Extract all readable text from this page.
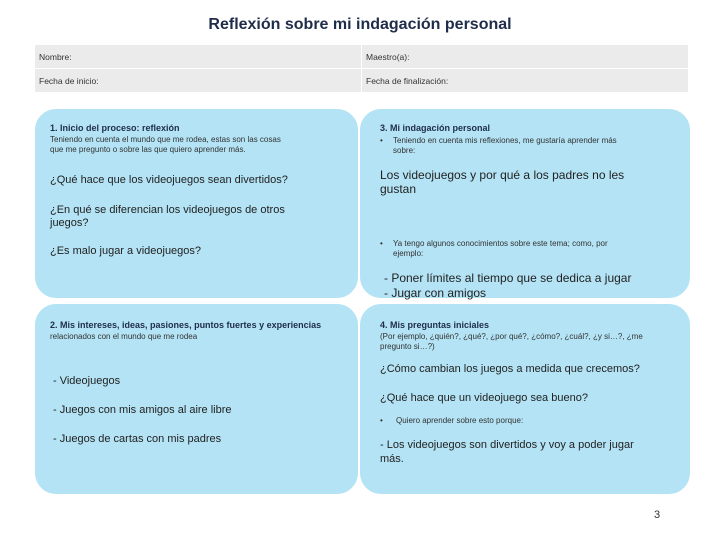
Reflexión sobre mi indagación personal
Nombre:	Maestro(a):
Fecha de inicio:	Fecha de finalización:
1. Inicio del proceso: reflexión
Teniendo en cuenta el mundo que me rodea, estas son las cosas
que me pregunto o sobre las que quiero aprender más.
¿Qué hace que los videojuegos sean divertidos?
¿En qué se diferencian los videojuegos de otros
juegos?
¿Es malo jugar a videojuegos?
3. Mi indagación personal
• Teniendo en cuenta mis reflexiones, me gustaría aprender más
sobre:
Los videojuegos y por qué a los padres no les
gustan
• Ya tengo algunos conocimientos sobre este tema; como, por
ejemplo:
- Poner límites al tiempo que se dedica a jugar
- Jugar con amigos
2. Mis intereses, ideas, pasiones, puntos fuertes y experiencias
relacionados con el mundo que me rodea
- Videojuegos
- Juegos con mis amigos al aire libre
- Juegos de cartas con mis padres
4. Mis preguntas iniciales
(Por ejemplo, ¿quién?, ¿qué?, ¿por qué?, ¿cómo?, ¿cuál?, ¿y si…?, ¿me
pregunto si…?)
¿Cómo cambian los juegos a medida que crecemos?
¿Qué hace que un videojuego sea bueno?
• Quiero aprender sobre esto porque:
- Los videojuegos son divertidos y voy a poder jugar
más.
3
